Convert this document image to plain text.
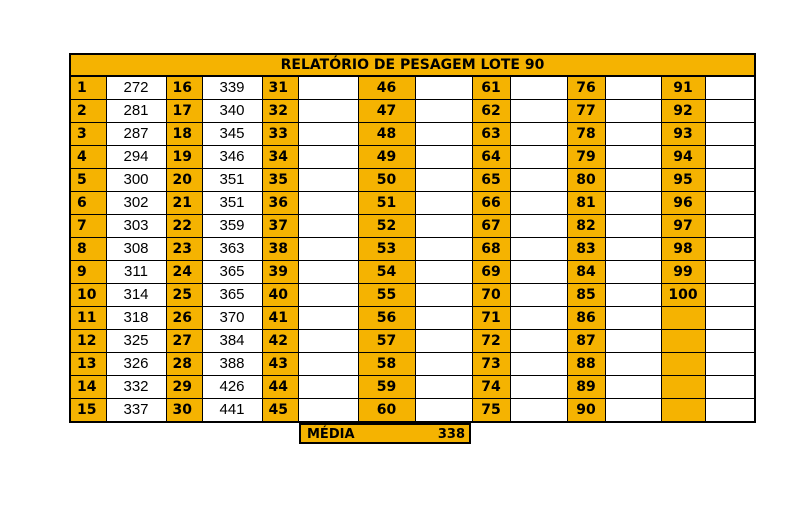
RELATÓRIO DE PESAGEM LOTE 90													
1	272	16	339	31		46		61		76		91	
2	281	17	340	32		47		62		77		92	
3	287	18	345	33		48		63		78		93	
4	294	19	346	34		49		64		79		94	
5	300	20	351	35		50		65		80		95	
6	302	21	351	36		51		66		81		96	
7	303	22	359	37		52		67		82		97	
8	308	23	363	38		53		68		83		98	
9	311	24	365	39		54		69		84		99	
10	314	25	365	40		55		70		85		100	
11	318	26	370	41		56		71		86			
12	325	27	384	42		57		72		87			
13	326	28	388	43		58		73		88			
14	332	29	426	44		59		74		89			
15	337	30	441	45		60		75		90			
MÉDIA	338
